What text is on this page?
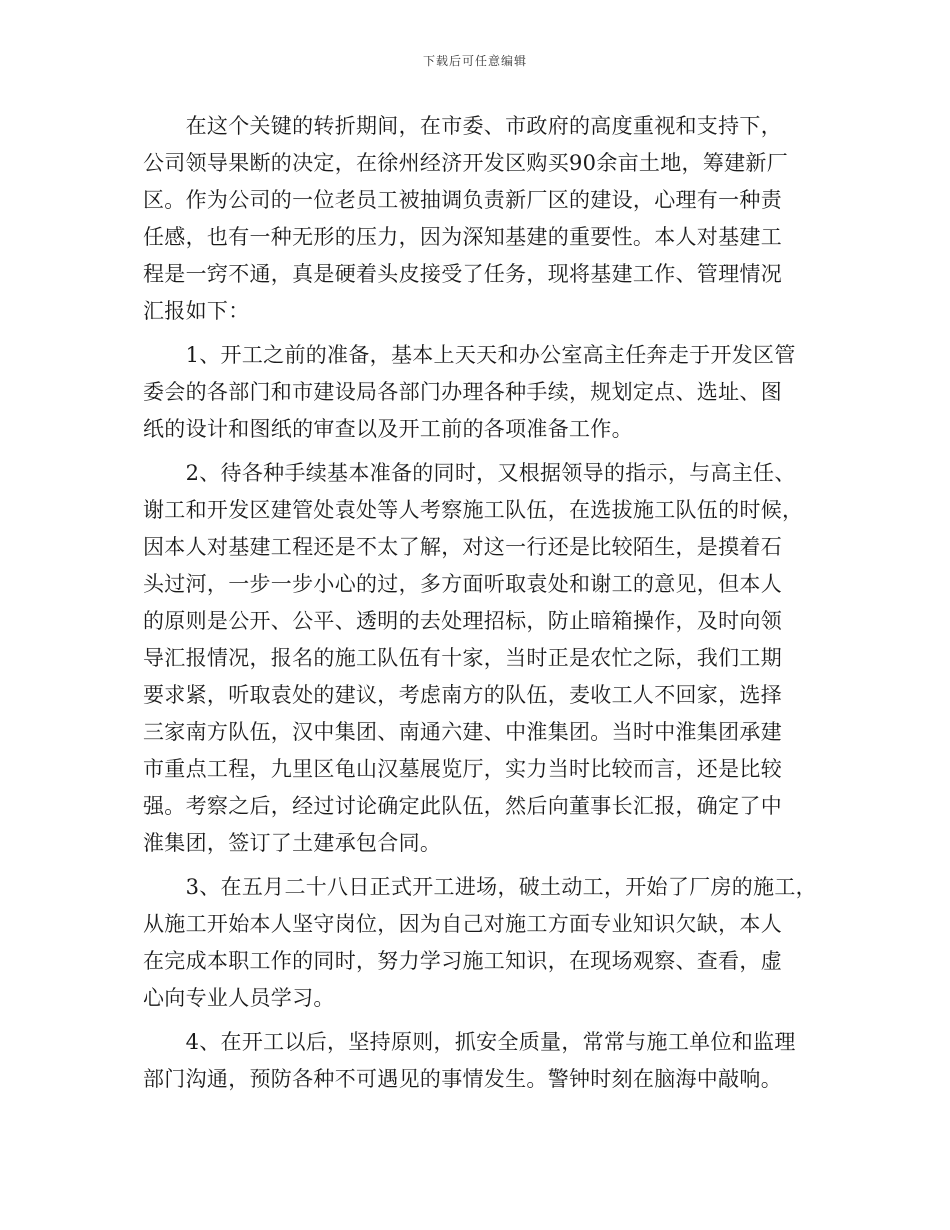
下载后可任意编辑
　　在这个关键的转折期间，在市委、市政府的高度重视和支持下，
公司领导果断的决定，在徐州经济开发区购买90余亩土地，筹建新厂
区。作为公司的一位老员工被抽调负责新厂区的建设，心理有一种责
任感，也有一种无形的压力，因为深知基建的重要性。本人对基建工
程是一窍不通，真是硬着头皮接受了任务，现将基建工作、管理情况
汇报如下：
　　1、开工之前的准备，基本上天天和办公室高主任奔走于开发区管
委会的各部门和市建设局各部门办理各种手续，规划定点、选址、图
纸的设计和图纸的审查以及开工前的各项准备工作。
　　2、待各种手续基本准备的同时，又根据领导的指示，与高主任、
谢工和开发区建管处袁处等人考察施工队伍，在选拔施工队伍的时候，
因本人对基建工程还是不太了解，对这一行还是比较陌生，是摸着石
头过河，一步一步小心的过，多方面听取袁处和谢工的意见，但本人
的原则是公开、公平、透明的去处理招标，防止暗箱操作，及时向领
导汇报情况，报名的施工队伍有十家，当时正是农忙之际，我们工期
要求紧，听取袁处的建议，考虑南方的队伍，麦收工人不回家，选择
三家南方队伍，汉中集团、南通六建、中淮集团。当时中淮集团承建
市重点工程，九里区龟山汉墓展览厅，实力当时比较而言，还是比较
强。考察之后，经过讨论确定此队伍，然后向董事长汇报，确定了中
淮集团，签订了土建承包合同。
　　3、在五月二十八日正式开工进场，破土动工，开始了厂房的施工，
从施工开始本人坚守岗位，因为自己对施工方面专业知识欠缺，本人
在完成本职工作的同时，努力学习施工知识，在现场观察、查看，虚
心向专业人员学习。
　　4、在开工以后，坚持原则，抓安全质量，常常与施工单位和监理
部门沟通，预防各种不可遇见的事情发生。警钟时刻在脑海中敲响。
